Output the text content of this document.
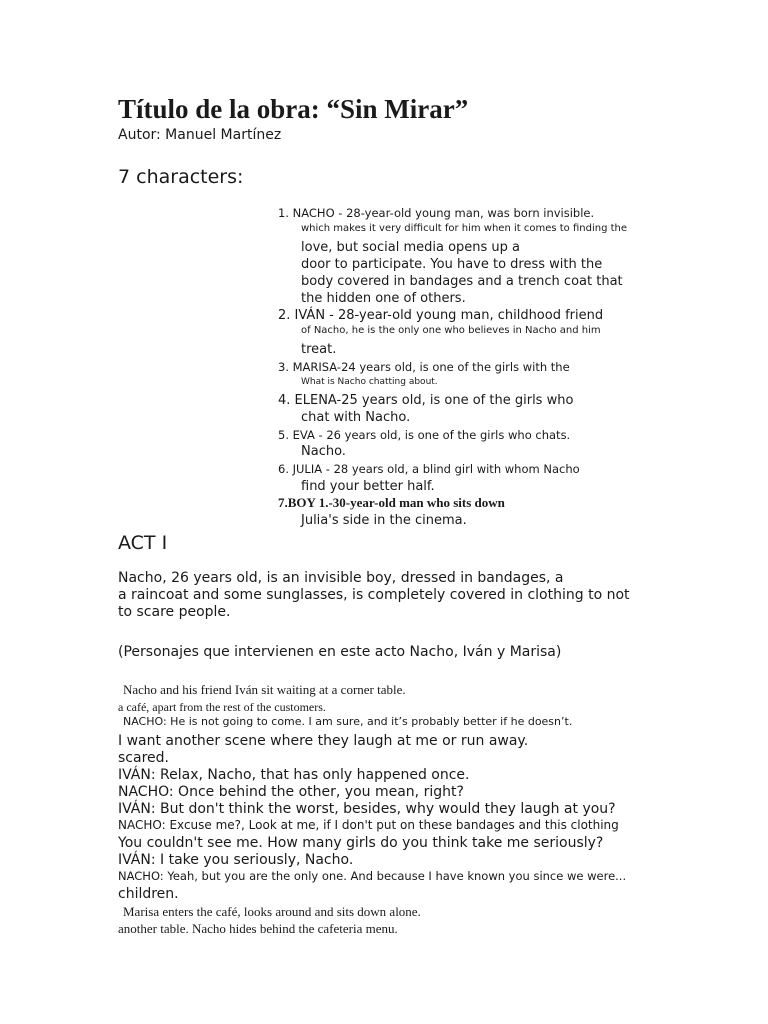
Título de la obra: “Sin Mirar”
Autor: Manuel Martínez
7 characters:
1. NACHO - 28-year-old young man, was born invisible.
which makes it very difficult for him when it comes to finding the
love, but social media opens up a
door to participate. You have to dress with the
body covered in bandages and a trench coat that
the hidden one of others.
2. IVÁN - 28-year-old young man, childhood friend
of Nacho, he is the only one who believes in Nacho and him
treat.
3. MARISA-24 years old, is one of the girls with the
What is Nacho chatting about.
4. ELENA-25 years old, is one of the girls who
chat with Nacho.
5. EVA - 26 years old, is one of the girls who chats.
Nacho.
6. JULIA - 28 years old, a blind girl with whom Nacho
find your better half.
7.BOY 1.-30-year-old man who sits down
Julia's side in the cinema.
ACT I
Nacho, 26 years old, is an invisible boy, dressed in bandages, a
a raincoat and some sunglasses, is completely covered in clothing to not
to scare people.
(Personajes que intervienen en este acto Nacho, Iván y Marisa)
Nacho and his friend Iván sit waiting at a corner table.
a café, apart from the rest of the customers.
NACHO: He is not going to come. I am sure, and it’s probably better if he doesn’t.
I want another scene where they laugh at me or run away.
scared.
IVÁN: Relax, Nacho, that has only happened once.
NACHO: Once behind the other, you mean, right?
IVÁN: But don't think the worst, besides, why would they laugh at you?
NACHO: Excuse me?, Look at me, if I don't put on these bandages and this clothing
You couldn't see me. How many girls do you think take me seriously?
IVÁN: I take you seriously, Nacho.
NACHO: Yeah, but you are the only one. And because I have known you since we were...
children.
Marisa enters the café, looks around and sits down alone.
another table. Nacho hides behind the cafeteria menu.
